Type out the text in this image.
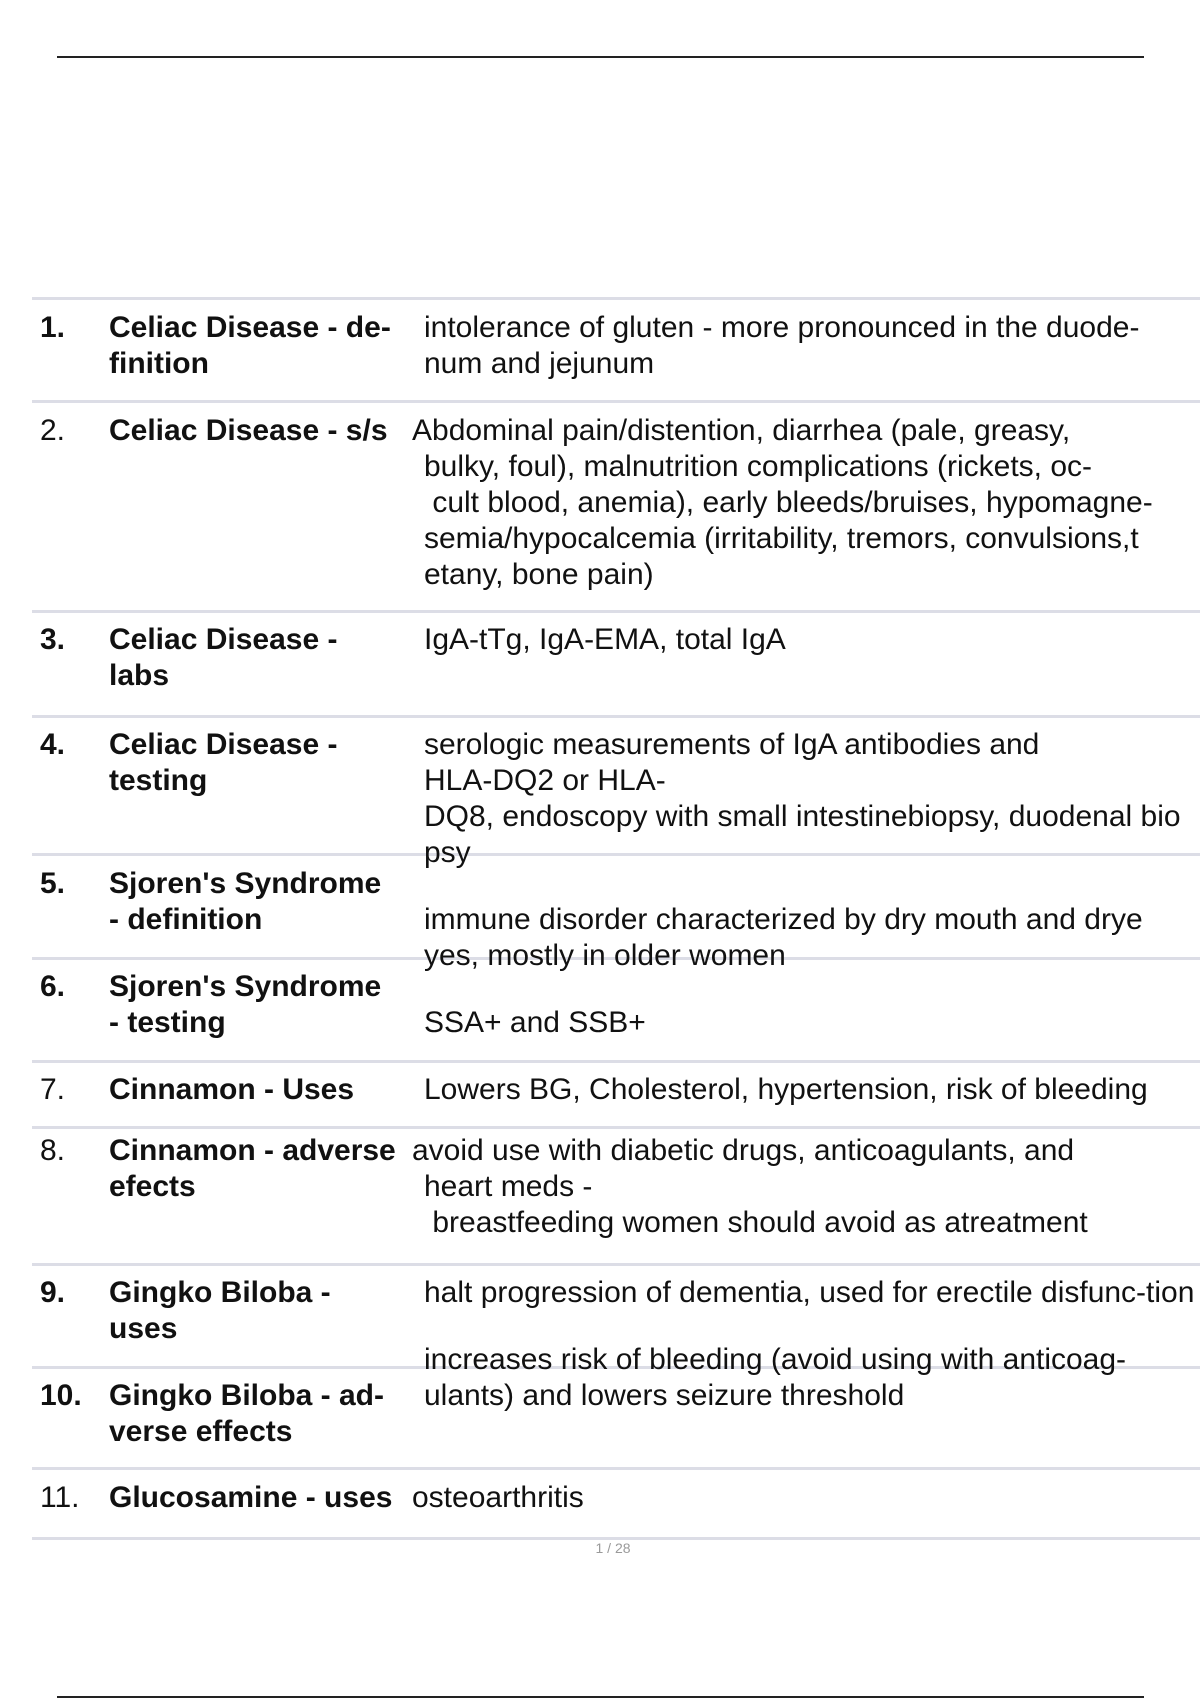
1. Celiac Disease - de-
finition
intolerance of gluten - more pronounced in the duode-
num and jejunum
2. Celiac Disease - s/s Abdominal pain/distention, diarrhea (pale, greasy,
bulky, foul), malnutrition complications (rickets, oc-
cult blood, anemia), early bleeds/bruises, hypomagne-
semia/hypocalcemia (irritability, tremors, convulsions,t
etany, bone pain)
3. Celiac Disease -
labs
IgA-tTg, IgA-EMA, total IgA
4. Celiac Disease -
testing
serologic measurements of IgA antibodies and
HLA-DQ2 or HLA-
DQ8, endoscopy with small intestinebiopsy, duodenal bio
psy
5. Sjoren's Syndrome
- definition	immune disorder characterized by dry mouth and drye
yes, mostly in older women
6. Sjoren's Syndrome
- testing	SSA+ and SSB+
7. Cinnamon - Uses Lowers BG, Cholesterol, hypertension, risk of bleeding
8. Cinnamon - adverse
efects
avoid use with diabetic drugs, anticoagulants, and
heart meds -
breastfeeding women should avoid as atreatment
9. Gingko Biloba -
uses
halt progression of dementia, used for erectile disfunc-tion
10. Gingko Biloba - ad-
verse effects
increases risk of bleeding (avoid using with anticoag-
ulants) and lowers seizure threshold
11. Glucosamine - uses osteoarthritis
1 / 28
